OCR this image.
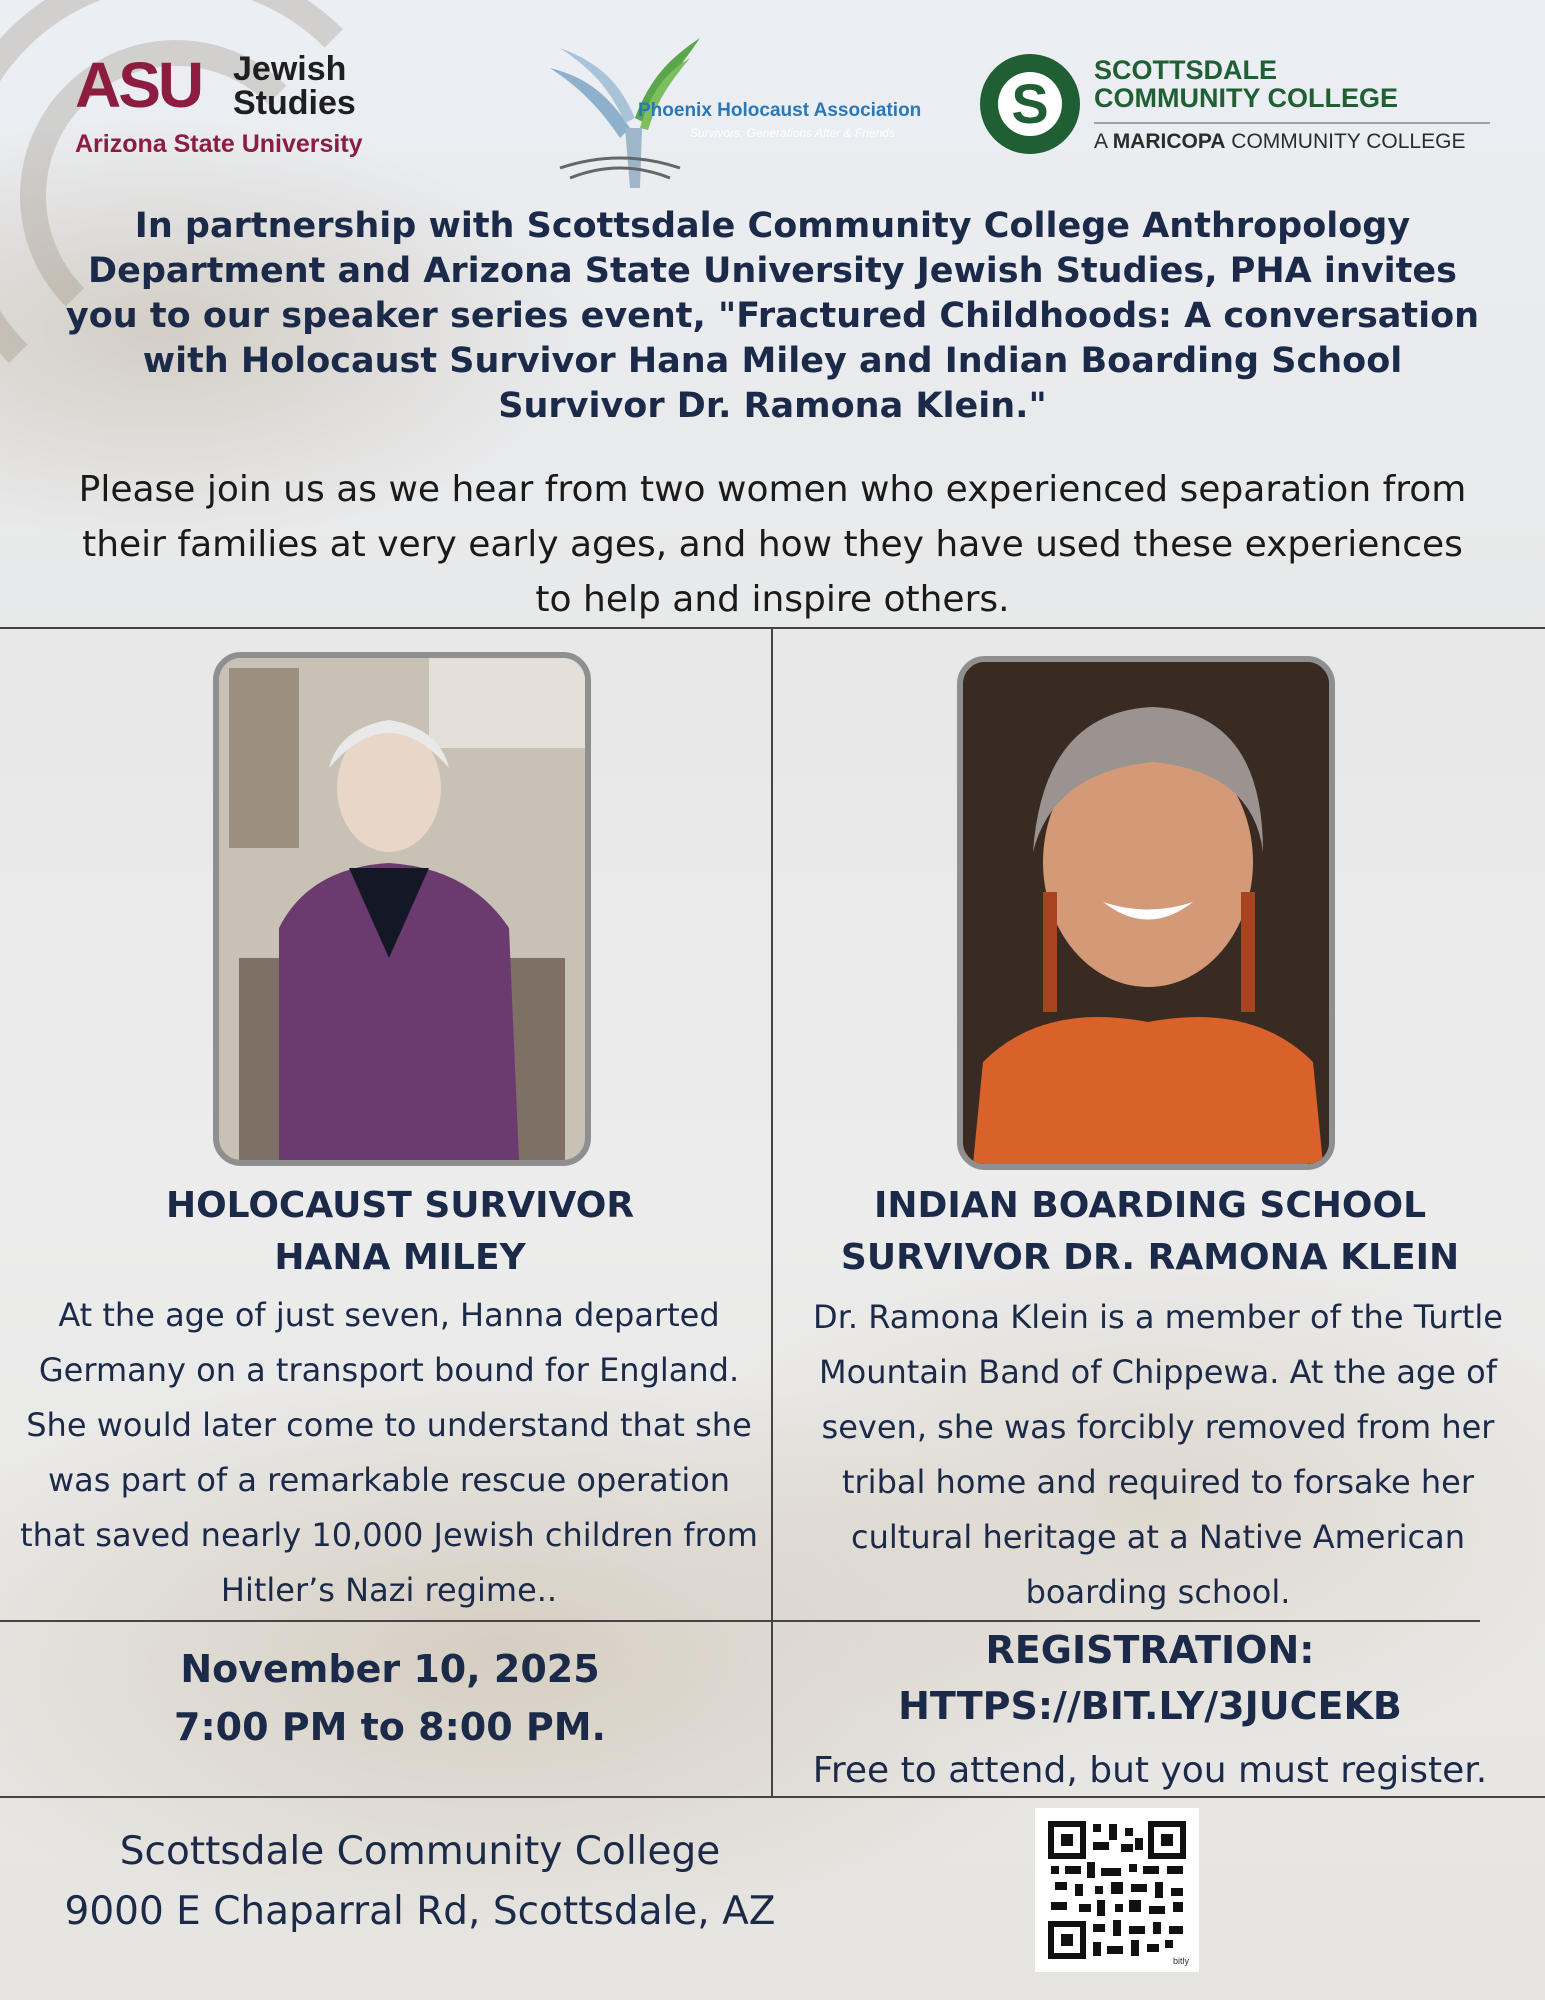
ASU Jewish
Studies
Arizona State University
Phoenix Holocaust Association
Survivors, Generations After & Friends	S
SCOTTSDALE
COMMUNITY COLLEGE
A MARICOPA COMMUNITY COLLEGE
In partnership with Scottsdale Community College Anthropology Department and Arizona State University Jewish Studies, PHA invites you to our speaker series event, "Fractured Childhoods: A conversation with Holocaust Survivor Hana Miley and Indian Boarding School Survivor Dr. Ramona Klein."
Please join us as we hear from two women who experienced separation from their families at very early ages, and how they have used these experiences to help and inspire others.
HOLOCAUST SURVIVOR
HANA MILEY
At the age of just seven, Hanna departed Germany on a transport bound for England. She would later come to understand that she was part of a remarkable rescue operation that saved nearly 10,000 Jewish children from Hitler’s Nazi regime..
INDIAN BOARDING SCHOOL
SURVIVOR DR. RAMONA KLEIN
Dr. Ramona Klein is a member of the Turtle Mountain Band of Chippewa. At the age of seven, she was forcibly removed from her tribal home and required to forsake her cultural heritage at a Native American boarding school.
November 10, 2025
7:00 PM to 8:00 PM.
REGISTRATION:
HTTPS://BIT.LY/3JUCEKB
Free to attend, but you must register.
Scottsdale Community College
9000 E Chaparral Rd, Scottsdale, AZ
bitly
